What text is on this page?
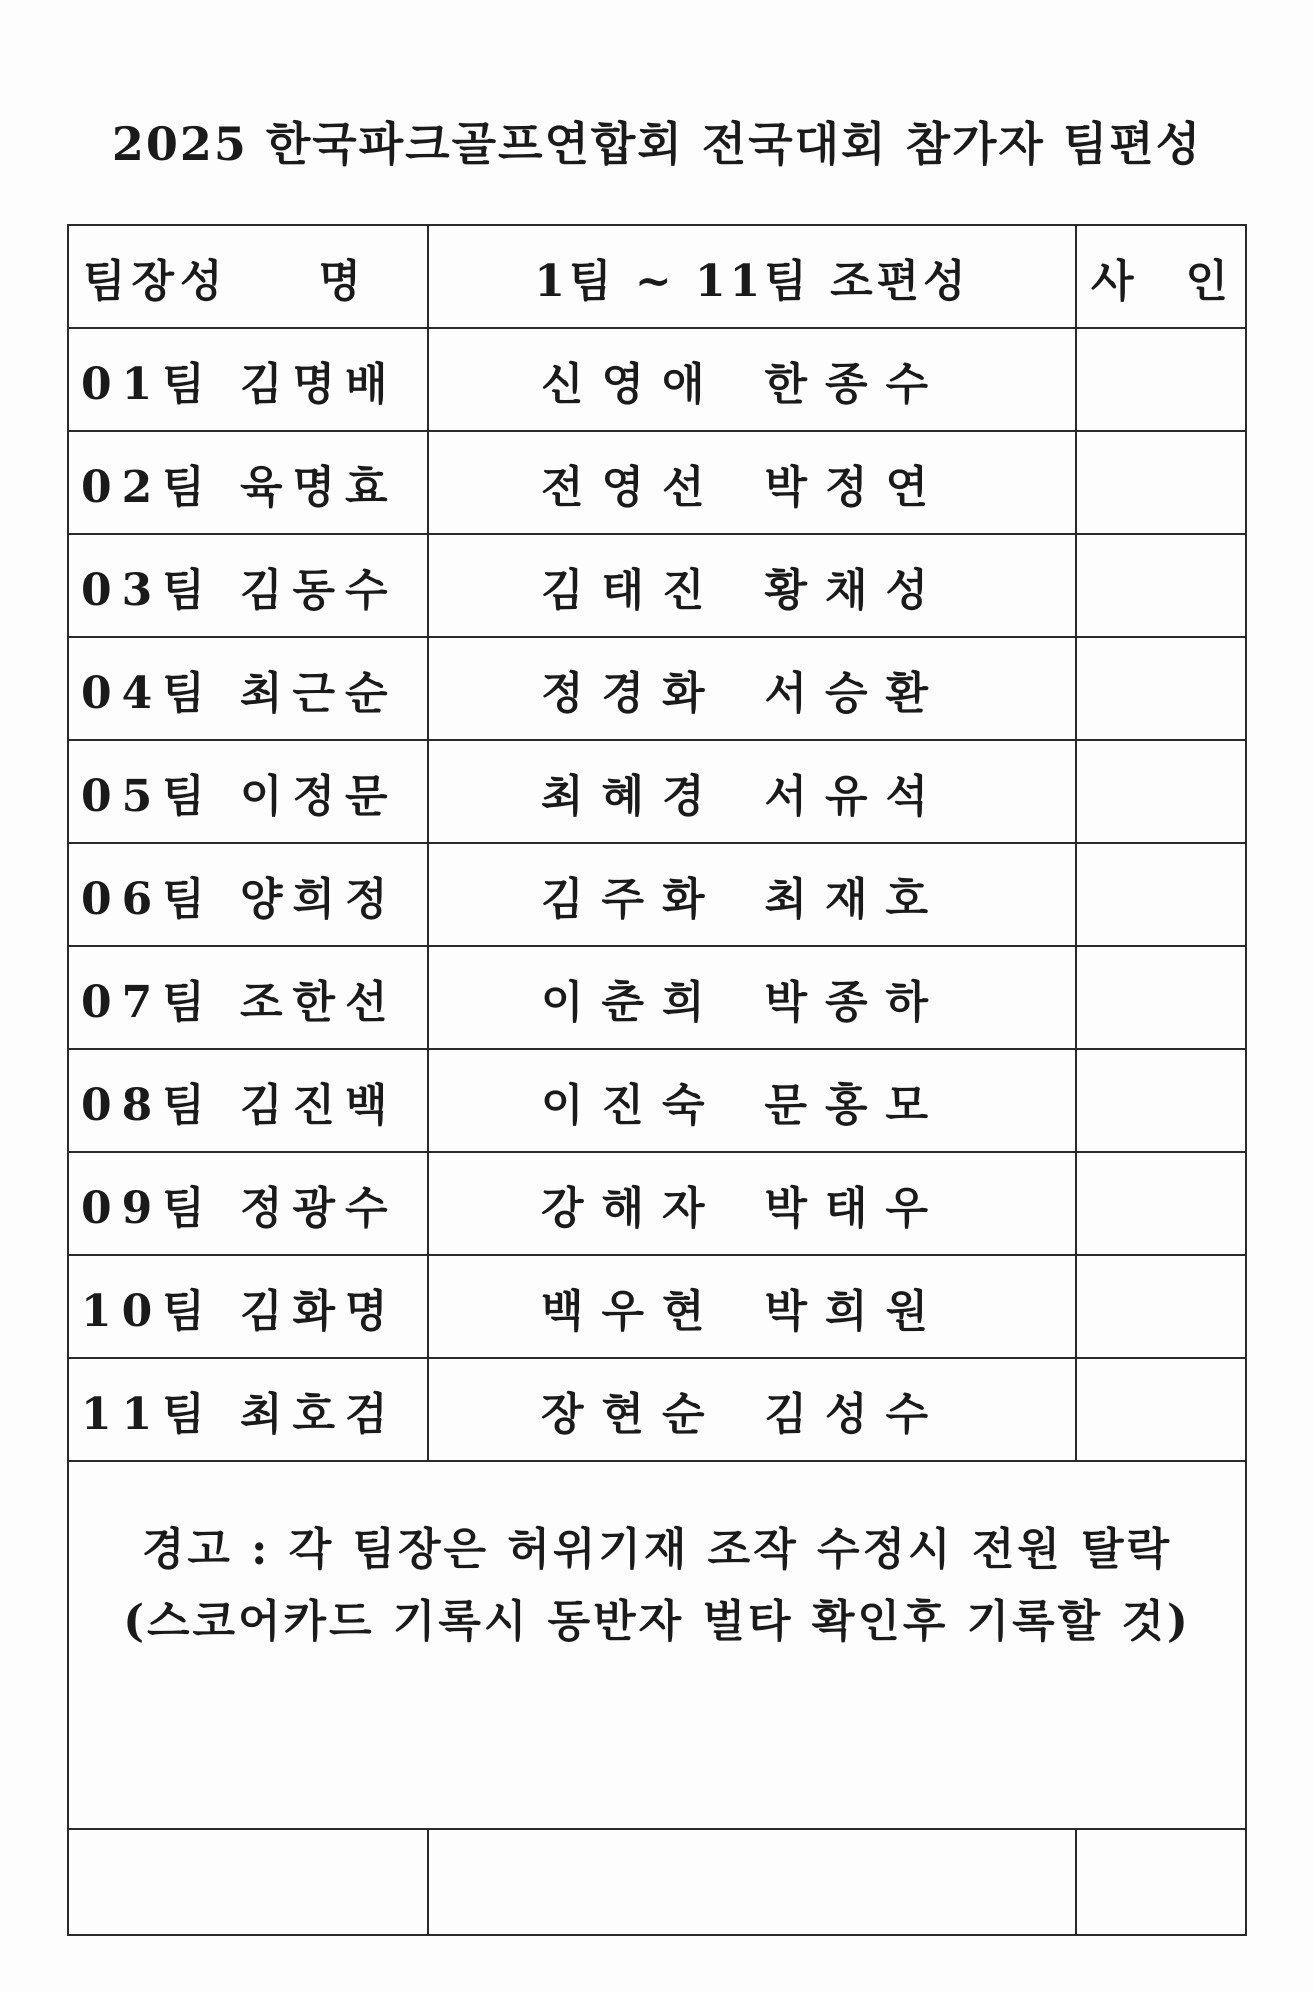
2025 한국파크골프연합회 전국대회 참가자 팀편성
팀장성 명	1팀 ~ 11팀 조편성	사 인
01팀 김명배	신영애 한종수	
02팀 육명효	전영선 박정연	
03팀 김동수	김태진 황채성	
04팀 최근순	정경화 서승환	
05팀 이정문	최혜경 서유석	
06팀 양희정	김주화 최재호	
07팀 조한선	이춘희 박종하	
08팀 김진백	이진숙 문홍모	
09팀 정광수	강해자 박태우	
10팀 김화명	백우현 박희원	
11팀 최호검	장현순 김성수	

경고 : 각 팀장은 허위기재 조작 수정시 전원 탈락
(스코어카드 기록시 동반자 벌타 확인후 기록할 것)		
